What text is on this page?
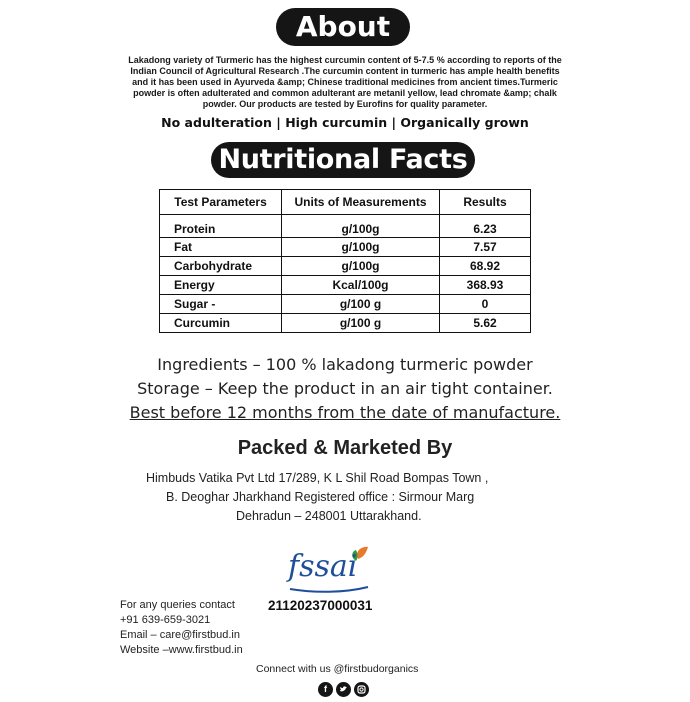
About

Lakadong variety of Turmeric has the highest curcumin content of 5-7.5 % according to reports of the
Indian Council of Agricultural Research .The curcumin content in turmeric has ample health benefits
and it has been used in Ayurveda &amp; Chinese traditional medicines from ancient times.Turmeric
powder is often adulterated and common adulterant are metanil yellow, lead chromate &amp; chalk
powder. Our products are tested by Eurofins for quality parameter.

No adulteration | High curcumin | Organically grown
Nutritional Facts
Test Parameters	Units of Measurements	Results
Protein	g/100g	6.23
Fat	g/100g	7.57
Carbohydrate	g/100g	68.92
Energy	Kcal/100g	368.93
Sugar -	g/100 g	0
Curcumin	g/100 g	5.62
Ingredients – 100 % lakadong turmeric powder
Storage – Keep the product in an air tight container.
Best before 12 months from the date of manufacture.
Packed & Marketed By
Himbuds Vatika Pvt Ltd 17/289, K L Shil Road Bompas Town ,
B. Deoghar Jharkhand Registered office : Sirmour Marg
Dehradun – 248001 Uttarakhand.
fssai
21120237000031
For any queries contact
+91 639-659-3021
Email – care@firstbud.in
Website –www.firstbud.in
Connect with us @firstbudorganics
f
